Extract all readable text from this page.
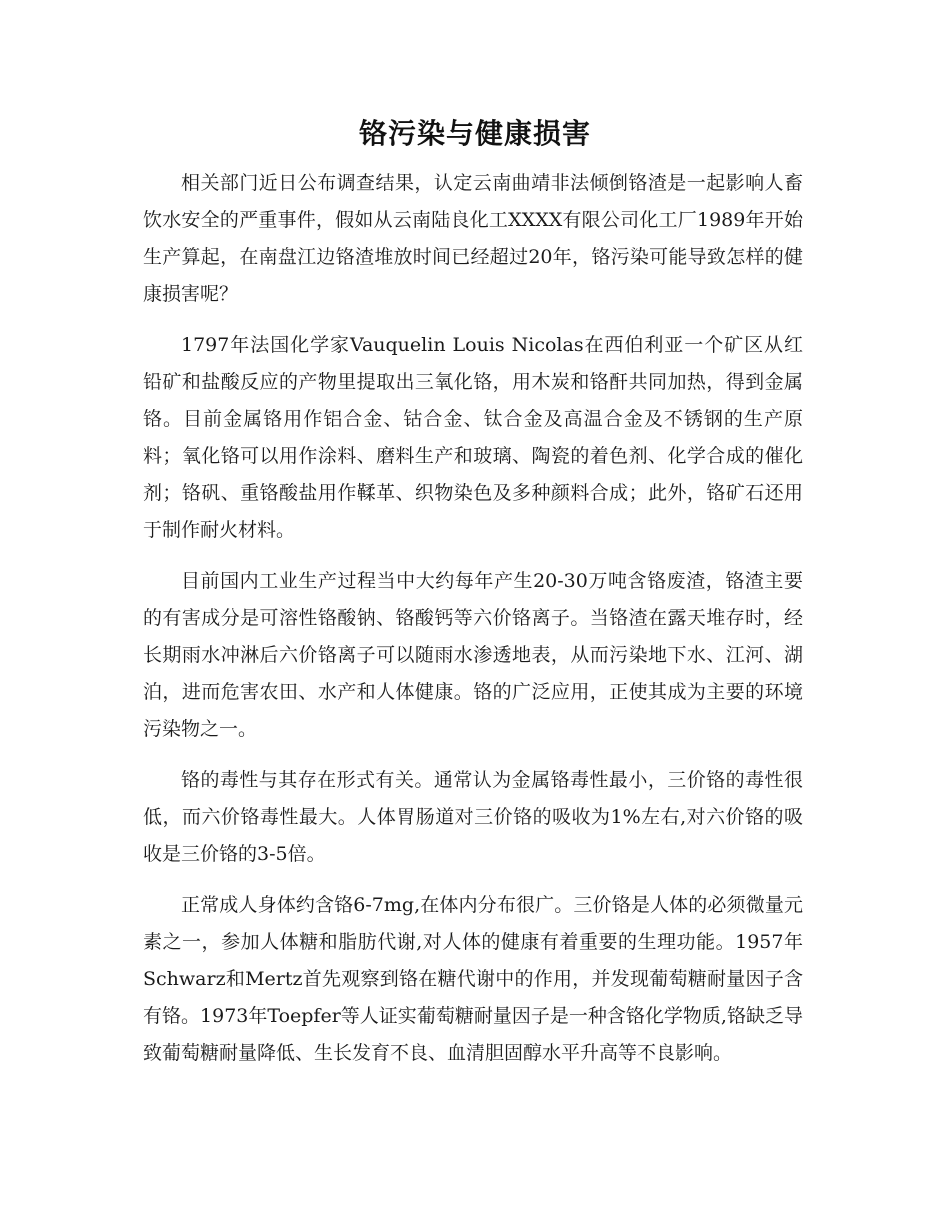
铬污染与健康损害

相关部门近日公布调查结果，认定云南曲靖非法倾倒铬渣是一起影响人畜饮水安全的严重事件，假如从云南陆良化工XXXX有限公司化工厂1989年开始生产算起，在南盘江边铬渣堆放时间已经超过20年，铬污染可能导致怎样的健康损害呢？

1797年法国化学家Vauquelin Louis Nicolas在西伯利亚一个矿区从红铅矿和盐酸反应的产物里提取出三氧化铬，用木炭和铬酐共同加热，得到金属铬。目前金属铬用作铝合金、钴合金、钛合金及高温合金及不锈钢的生产原料；氧化铬可以用作涂料、磨料生产和玻璃、陶瓷的着色剂、化学合成的催化剂；铬矾、重铬酸盐用作鞣革、织物染色及多种颜料合成；此外，铬矿石还用于制作耐火材料。

目前国内工业生产过程当中大约每年产生20-30万吨含铬废渣，铬渣主要的有害成分是可溶性铬酸钠、铬酸钙等六价铬离子。当铬渣在露天堆存时，经长期雨水冲淋后六价铬离子可以随雨水渗透地表，从而污染地下水、江河、湖泊，进而危害农田、水产和人体健康。铬的广泛应用，正使其成为主要的环境污染物之一。

铬的毒性与其存在形式有关。通常认为金属铬毒性最小，三价铬的毒性很低，而六价铬毒性最大。人体胃肠道对三价铬的吸收为1%左右,对六价铬的吸收是三价铬的3-5倍。

正常成人身体约含铬6-7mg,在体内分布很广。三价铬是人体的必须微量元素之一，参加人体糖和脂肪代谢,对人体的健康有着重要的生理功能。1957年Schwarz和Mertz首先观察到铬在糖代谢中的作用，并发现葡萄糖耐量因子含有铬。1973年Toepfer等人证实葡萄糖耐量因子是一种含铬化学物质,铬缺乏导致葡萄糖耐量降低、生长发育不良、血清胆固醇水平升高等不良影响。
